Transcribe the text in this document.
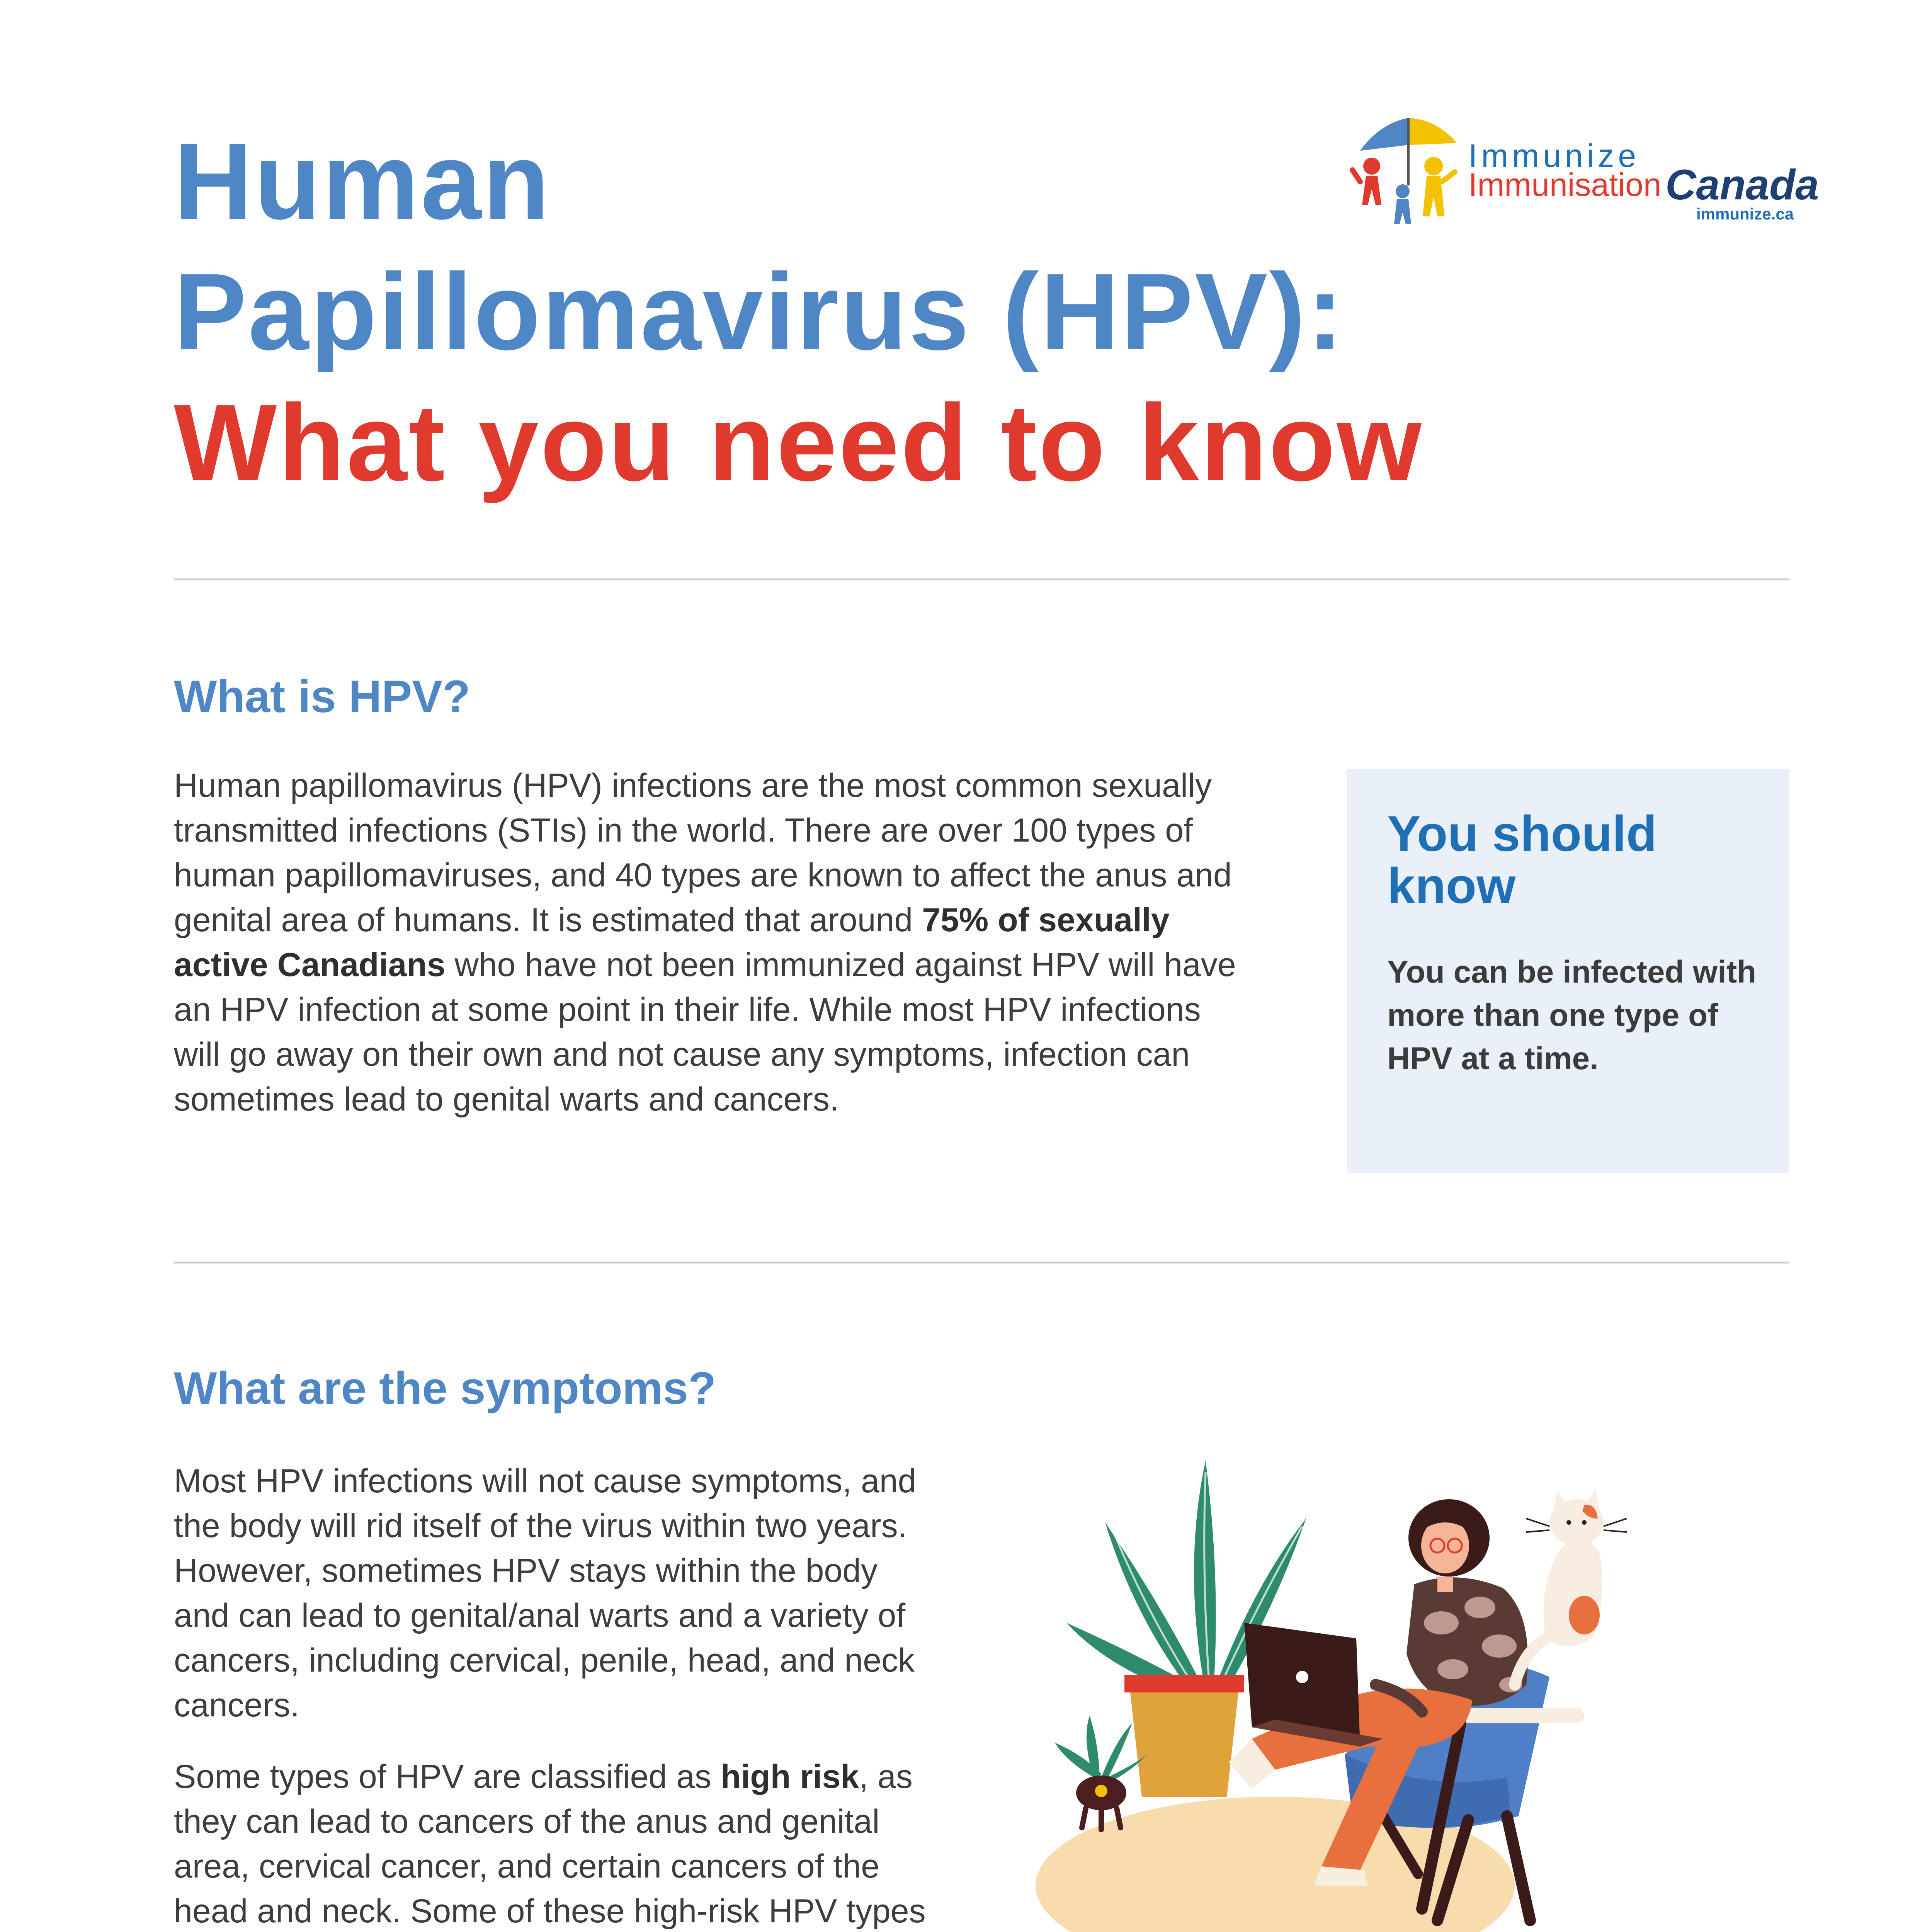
Human
Papillomavirus (HPV):
What you need to know
Immunize
Immunisation Canada
immunize.ca
What is HPV?
Human papillomavirus (HPV) infections are the most common sexually transmitted infections (STIs) in the world. There are over 100 types of human papillomaviruses, and 40 types are known to affect the anus and genital area of humans. It is estimated that around 75% of sexually active Canadians who have not been immunized against HPV will have an HPV infection at some point in their life. While most HPV infections will go away on their own and not cause any symptoms, infection can sometimes lead to genital warts and cancers.
You should know
You can be infected with more than one type of HPV at a time.
What are the symptoms?
Most HPV infections will not cause symptoms, and the body will rid itself of the virus within two years. However, sometimes HPV stays within the body and can lead to genital/anal warts and a variety of cancers, including cervical, penile, head, and neck cancers.
Some types of HPV are classified as high risk, as they can lead to cancers of the anus and genital area, cervical cancer, and certain cancers of the head and neck. Some of these high-risk HPV types
